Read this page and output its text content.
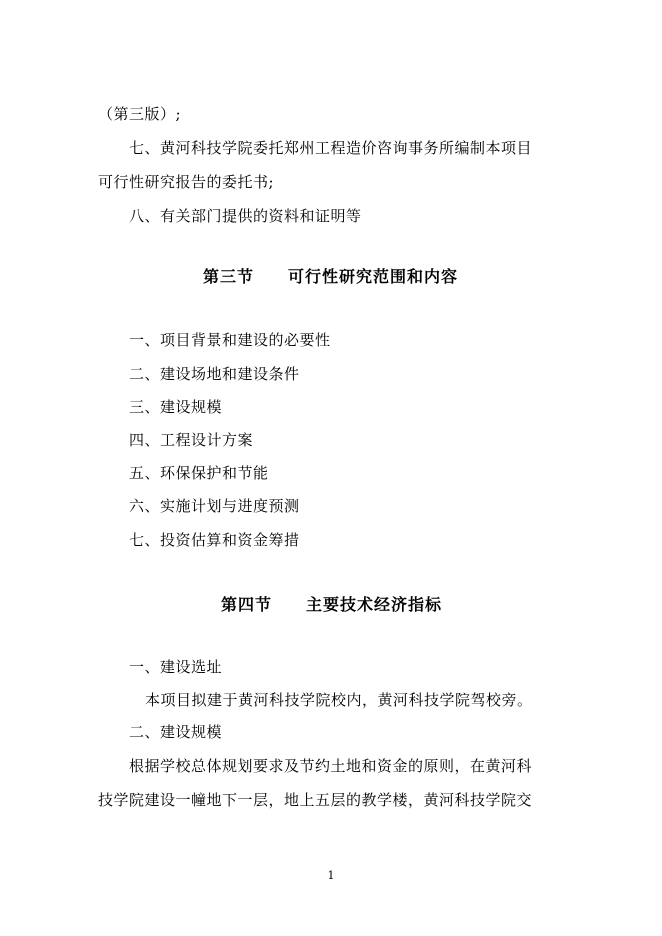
（第三版）;
七、黄河科技学院委托郑州工程造价咨询事务所编制本项目
可行性研究报告的委托书;
八、有关部门提供的资料和证明等
第三节 可行性研究范围和内容
一、项目背景和建设的必要性
二、建设场地和建设条件
三、建设规模
四、工程设计方案
五、环保保护和节能
六、实施计划与进度预测
七、投资估算和资金筹措
第四节 主要技术经济指标
一、建设选址
本项目拟建于黄河科技学院校内，黄河科技学院驾校旁。
二、建设规模
根据学校总体规划要求及节约土地和资金的原则，在黄河科
技学院建设一幢地下一层，地上五层的教学楼，黄河科技学院交
1
